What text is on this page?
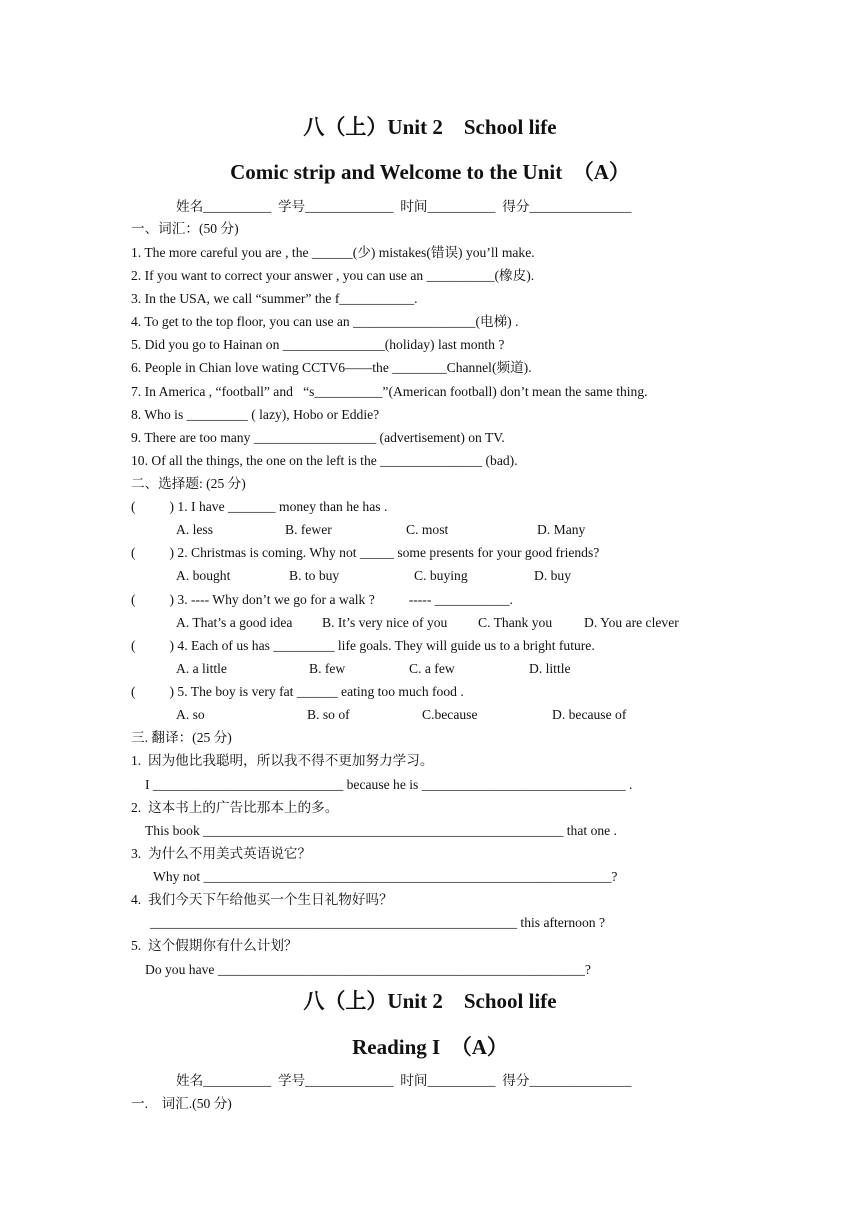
八（上）Unit 2    School life
Comic strip and Welcome to the Unit  （A）
姓名__________  学号_____________  时间__________  得分_______________
一、词汇：(50 分)
1. The more careful you are , the ______(少) mistakes(错误) you’ll make.
2. If you want to correct your answer , you can use an __________(橡皮).
3. In the USA, we call “summer” the f___________.
4. To get to the top floor, you can use an __________________(电梯) .
5. Did you go to Hainan on _______________(holiday) last month ?
6. People in Chian love wating CCTV6——the ________Channel(频道).
7. In America , “football” and   “s__________”(American football) don’t mean the same thing.
8. Who is _________ ( lazy), Hobo or Eddie?
9. There are too many __________________ (advertisement) on TV.
10. Of all the things, the one on the left is the _______________ (bad).
二、选择题: (25 分)
(          ) 1. I have _______ money than he has .
A. less	B. fewer	C. most	D. Many
(          ) 2. Christmas is coming. Why not _____ some presents for your good friends?
A. bought	B. to buy	C. buying	D. buy
(          ) 3. ---- Why don’t we go for a walk ?          ----- ___________.
A. That’s a good idea B. It’s very nice of you C. Thank you D. You are clever
(          ) 4. Each of us has _________ life goals. They will guide us to a bright future.
A. a little	B. few	C. a few	D. little
(          ) 5. The boy is very fat ______ eating too much food .
A. so	B. so of	C.because	D. because of
三. 翻译：(25 分)
1.  因为他比我聪明，所以我不得不更加努力学习。
I ____________________________ because he is ______________________________ .
2.  这本书上的广告比那本上的多。
This book _____________________________________________________ that one .
3.  为什么不用美式英语说它？
Why not ____________________________________________________________?
4.  我们今天下午给他买一个生日礼物好吗？
______________________________________________________ this afternoon ?
5.  这个假期你有什么计划？
Do you have ______________________________________________________?
八（上）Unit 2    School life
Reading I  （A）
姓名__________  学号_____________  时间__________  得分_______________
一.    词汇.(50 分)
